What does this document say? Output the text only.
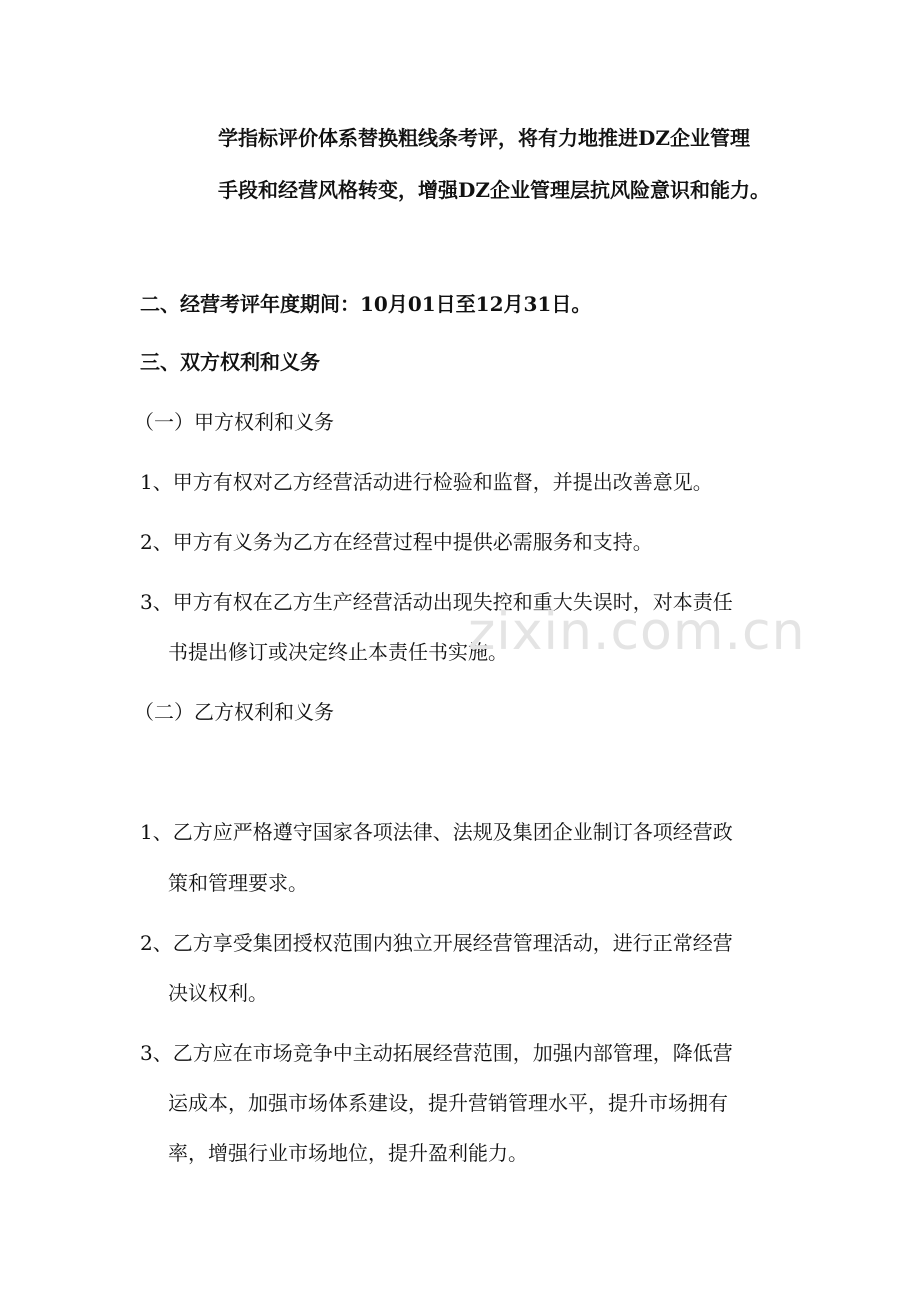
学指标评价体系替换粗线条考评，将有力地推进DZ企业管理
手段和经营风格转变，增强DZ企业管理层抗风险意识和能力。
二、经营考评年度期间：10月01日至12月31日。
三、双方权利和义务
（一）甲方权利和义务
1、甲方有权对乙方经营活动进行检验和监督，并提出改善意见。
2、甲方有义务为乙方在经营过程中提供必需服务和支持。
3、甲方有权在乙方生产经营活动出现失控和重大失误时，对本责任
书提出修订或决定终止本责任书实施。
（二）乙方权利和义务
1、乙方应严格遵守国家各项法律、法规及集团企业制订各项经营政
策和管理要求。
2、乙方享受集团授权范围内独立开展经营管理活动，进行正常经营
决议权利。
3、乙方应在市场竞争中主动拓展经营范围，加强内部管理，降低营
运成本，加强市场体系建设，提升营销管理水平，提升市场拥有
率，增强行业市场地位，提升盈利能力。
zixin.com.cn
